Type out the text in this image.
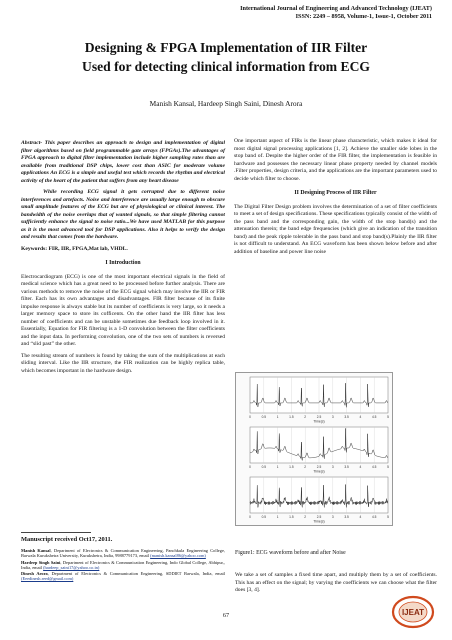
International Journal of Engineering and Advanced Technology (IJEAT)
ISSN: 2249 – 8958, Volume-1, Issue-1, October 2011
Designing & FPGA Implementation of IIR Filter
Used for detecting clinical information from ECG
Manish Kansal, Hardeep Singh Saini, Dinesh Arora

Abstract- This paper describes an approach to design and implementation of digital filter algorithms based on field programmable gate arrays (FPGAs).The advantages of FPGA approach to digital filter implementation include higher sampling rates than are available from traditional DSP chips, lower cost than ASIC for moderate volume applications An ECG is a simple and useful test which records the rhythm and electrical activity of the heart of the patient that suffers from any heart disease

While recording ECG signal it gets corrupted due to different noise interferences and artefacts. Noise and interference are usually large enough to obscure small amplitude features of the ECG but are of physiological or clinical interest. The bandwidth of the noise overlaps that of wanted signals, so that simple filtering cannot sufficiently enhance the signal to noise ratio...We have used MATLAB for this purpose as it is the most advanced tool for DSP applications. Also it helps to verify the design and results that comes from the hardware.

Keywords: FIR, IIR, FPGA,Mat lab, VHDL.

I Introduction

Electrocardiogram (ECG) is one of the most important electrical signals in the field of medical science which has a great need to be processed before further analysis. There are various methods to remove the noise of the ECG signal which may involve the IIR or FIR filter. Each has its own advantages and disadvantages. FIR filter because of its finite impulse response is always stable but its number of coefficients is very large, so it needs a larger memory space to store its cofficents. On the other hand the IIR filter has less number of coefficients and can be unstable sometimes due feedback loop involved in it. Essentially, Equation for FIR filtering is a 1-D convolution between the filter coefficients and the input data. In performing convolution, one of the two sets of numbers is reversed and “slid past” the other.

The resulting stream of numbers is found by taking the sum of the multiplications at each sliding interval. Like the IIR structure, the FIR realization can be highly replica table, which becomes important in the hardware design.

Manuscript received Oct17, 2011.

Manish Kansal, Department of Electronics & Communication Engineering, Panchkula Engineering College, Barwala Kurukshetra University, Kurukshetra, India, 9988779173, email (manish.kansal86@yahoo.com)

Hardeep Singh Saini, Department of Electronics & Communication Engineering, Indo Global College, Abhipur,, India, email (hardeep_saini17@yahoo.co.in)

Dinesh Arora, Department of Electronics & Communication Engineering, SDDIET Barwala, India, email (Eeedinesh.reed@gmail.com)

One important aspect of FIRs is the linear phase characteristic, which makes it ideal for most digital signal processing applications [1, 2]. Achieve the smaller side lobes in the stop band of. Despite the higher order of the FIR filter, the implementation is feasible in hardware and possesses the necessary linear phase property needed by channel models .Filter properties, design criteria, and the applications are the important parameters used to decide which filter to choose.

II Designing Process of IIR Filter

The Digital Filter Design problem involves the determination of a set of filter coefficients to meet a set of design specifications. These specifications typically consist of the width of the pass band and the corresponding gain, the width of the stop band(s) and the attenuation therein; the band edge frequencies (which give an indication of the transition band) and the peak ripple tolerable in the pass band and stop band(s).Plainly the IIR filter is not difficult to understand. An ECG waveform has been shown below before and after addition of baseline and power line noise

0	0.5	1	1.5	2	2.5	3	3.5	4	4.5	5
Time(s)
0	0.5	1	1.5	2	2.5	3	3.5	4	4.5	5
Time(s)
0	0.5	1	1.5	2	2.5	3	3.5	4	4.5	5
Time(s)
Figure1: ECG waveform before and after Noise
We take a set of samples a fixed time apart, and multiply them by a set of coefficients. This has an effect on the signal; by varying the coefficients we can choose what the filter does [3, 4].
67	IJEAT
